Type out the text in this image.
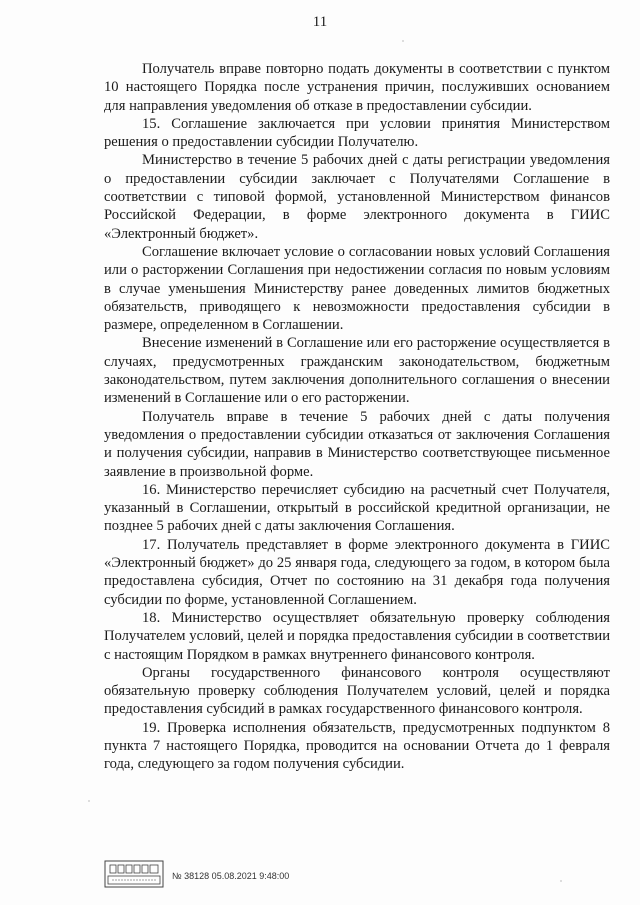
11

Получатель вправе повторно подать документы в соответствии с пунктом 10 настоящего Порядка после устранения причин, послуживших основанием для направления уведомления об отказе в предоставлении субсидии.

15. Соглашение заключается при условии принятия Министерством решения о предоставлении субсидии Получателю.

Министерство в течение 5 рабочих дней с даты регистрации уведомления о предоставлении субсидии заключает с Получателями Соглашение в соответствии с типовой формой, установленной Министерством финансов Российской Федерации, в форме электронного документа в ГИИС «Электронный бюджет».

Соглашение включает условие о согласовании новых условий Соглашения или о расторжении Соглашения при недостижении согласия по новым условиям в случае уменьшения Министерству ранее доведенных лимитов бюджетных обязательств, приводящего к невозможности предоставления субсидии в размере, определенном в Соглашении.

Внесение изменений в Соглашение или его расторжение осуществляется в случаях, предусмотренных гражданским законодательством, бюджетным законодательством, путем заключения дополнительного соглашения о внесении изменений в Соглашение или о его расторжении.

Получатель вправе в течение 5 рабочих дней с даты получения уведомления о предоставлении субсидии отказаться от заключения Соглашения и получения субсидии, направив в Министерство соответствующее письменное заявление в произвольной форме.

16. Министерство перечисляет субсидию на расчетный счет Получателя, указанный в Соглашении, открытый в российской кредитной организации, не позднее 5 рабочих дней с даты заключения Соглашения.

17. Получатель представляет в форме электронного документа в ГИИС «Электронный бюджет» до 25 января года, следующего за годом, в котором была предоставлена субсидия, Отчет по состоянию на 31 декабря года получения субсидии по форме, установленной Соглашением.

18. Министерство осуществляет обязательную проверку соблюдения Получателем условий, целей и порядка предоставления субсидии в соответствии с настоящим Порядком в рамках внутреннего финансового контроля.

Органы государственного финансового контроля осуществляют обязательную проверку соблюдения Получателем условий, целей и порядка предоставления субсидий в рамках государственного финансового контроля.

19. Проверка исполнения обязательств, предусмотренных подпунктом 8 пункта 7 настоящего Порядка, проводится на основании Отчета до 1 февраля года, следующего за годом получения субсидии.

№ 38128 05.08.2021 9:48:00
